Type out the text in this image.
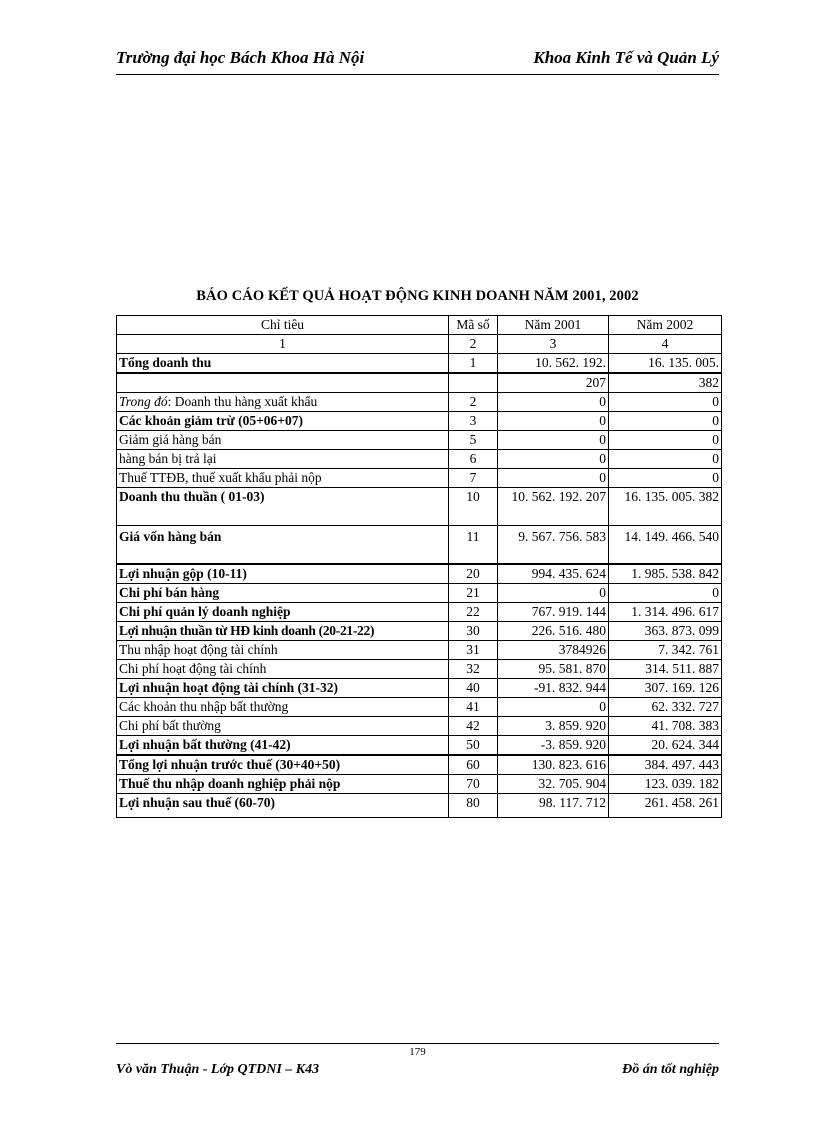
Trường đại học Bách Khoa Hà Nội	Khoa Kinh Tế và Quản Lý
BÁO CÁO KẾT QUẢ HOẠT ĐỘNG KINH DOANH NĂM 2001, 2002
Chỉ tiêu	Mã số	Năm 2001	Năm 2002
1	2	3	4
Tổng doanh thu	1	10. 562. 192.	16. 135. 005.
		207	382
Trong đó: Doanh thu hàng xuất khẩu	2	0	0
Các khoản giảm trừ (05+06+07)	3	0	0
Giảm giá hàng bán	5	0	0
hàng bán bị trả lại	6	0	0
Thuế TTĐB, thuế xuất khẩu phải nộp	7	0	0
Doanh thu thuần ( 01-03)	10	10. 562. 192. 207	16. 135. 005. 382
Giá vốn hàng bán	11	9. 567. 756. 583	14. 149. 466. 540
Lợi nhuận gộp (10-11)	20	994. 435. 624	1. 985. 538. 842
Chi phí bán hàng	21	0	0
Chi phí quản lý doanh nghiệp	22	767. 919. 144	1. 314. 496. 617
Lợi nhuận thuần từ HĐ kinh doanh (20-21-22)	30	226. 516. 480	363. 873. 099
Thu nhập hoạt động tài chính	31	3784926	7. 342. 761
Chi phí hoạt động tài chính	32	95. 581. 870	314. 511. 887
Lợi nhuận hoạt động tài chính (31-32)	40	-91. 832. 944	307. 169. 126
Các khoản thu nhập bất thường	41	0	62. 332. 727
Chi phí bất thường	42	3. 859. 920	41. 708. 383
Lợi nhuận bất thường (41-42)	50	-3. 859. 920	20. 624. 344
Tổng lợi nhuận trước thuế (30+40+50)	60	130. 823. 616	384. 497. 443
Thuế thu nhập doanh nghiệp phải nộp	70	32. 705. 904	123. 039. 182
Lợi nhuận sau thuế (60-70)	80	98. 117. 712	261. 458. 261
179
Vò văn Thuận - Lớp QTDNI – K43	Đồ án tốt nghiệp
